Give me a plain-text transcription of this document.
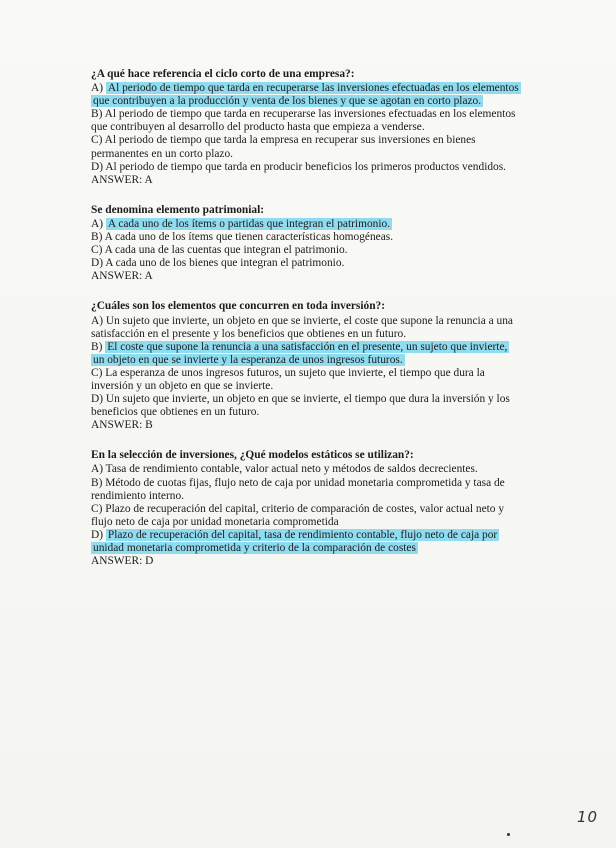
¿A qué hace referencia el ciclo corto de una empresa?:
A) Al periodo de tiempo que tarda en recuperarse las inversiones efectuadas en los elementos que contribuyen a la producción y venta de los bienes y que se agotan en corto plazo.
B) Al periodo de tiempo que tarda en recuperarse las inversiones efectuadas en los elementos que contribuyen al desarrollo del producto hasta que empieza a venderse.
C) Al periodo de tiempo que tarda la empresa en recuperar sus inversiones en bienes permanentes en un corto plazo.
D) Al periodo de tiempo que tarda en producir beneficios los primeros productos vendidos.
ANSWER: A
Se denomina elemento patrimonial:
A) A cada uno de los ítems o partidas que integran el patrimonio.
B) A cada uno de los ítems que tienen características homogéneas.
C) A cada una de las cuentas que integran el patrimonio.
D) A cada uno de los bienes que integran el patrimonio.
ANSWER: A
¿Cuáles son los elementos que concurren en toda inversión?:
A) Un sujeto que invierte, un objeto en que se invierte, el coste que supone la renuncia a una satisfacción en el presente y los beneficios que obtienes en un futuro.
B) El coste que supone la renuncia a una satisfacción en el presente, un sujeto que invierte, un objeto en que se invierte y la esperanza de unos ingresos futuros.
C) La esperanza de unos ingresos futuros, un sujeto que invierte, el tiempo que dura la inversión y un objeto en que se invierte.
D) Un sujeto que invierte, un objeto en que se invierte, el tiempo que dura la inversión y los beneficios que obtienes en un futuro.
ANSWER: B
En la selección de inversiones, ¿Qué modelos estáticos se utilizan?:
A) Tasa de rendimiento contable, valor actual neto y métodos de saldos decrecientes.
B) Método de cuotas fijas, flujo neto de caja por unidad monetaria comprometida y tasa de rendimiento interno.
C) Plazo de recuperación del capital, criterio de comparación de costes, valor actual neto y flujo neto de caja por unidad monetaria comprometida
D) Plazo de recuperación del capital, tasa de rendimiento contable, flujo neto de caja por unidad monetaria comprometida y criterio de la comparación de costes
ANSWER: D
10
